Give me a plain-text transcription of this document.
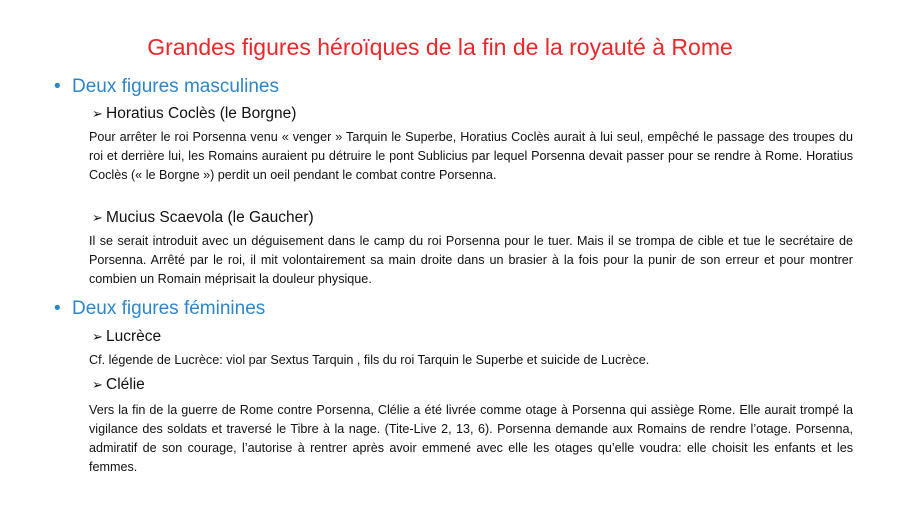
Grandes figures héroïques de la fin de la royauté à Rome
• Deux figures masculines
➢ Horatius Coclès (le Borgne)
Pour arrêter le roi Porsenna venu « venger » Tarquin le Superbe, Horatius Coclès aurait à lui seul, empêché le passage des troupes du roi et derrière lui, les Romains auraient pu détruire le pont Sublicius par lequel Porsenna devait passer pour se rendre à Rome. Horatius Coclès (« le Borgne ») perdit un oeil pendant le combat contre Porsenna.
➢ Mucius Scaevola (le Gaucher)
Il se serait introduit avec un déguisement dans le camp du roi Porsenna pour le tuer. Mais il se trompa de cible et tue le secrétaire de Porsenna. Arrêté par le roi, il mit volontairement sa main droite dans un brasier à la fois pour la punir de son erreur et pour montrer combien un Romain méprisait la douleur physique.
• Deux figures féminines
➢ Lucrèce
Cf. légende de Lucrèce: viol par Sextus Tarquin , fils du roi Tarquin le Superbe et suicide de Lucrèce.
➢ Clélie
Vers la fin de la guerre de Rome contre Porsenna, Clélie a été livrée comme otage à Porsenna qui assiège Rome. Elle aurait trompé la vigilance des soldats et traversé le Tibre à la nage. (Tite-Live 2, 13, 6). Porsenna demande aux Romains de rendre l’otage. Porsenna, admiratif de son courage, l’autorise à rentrer après avoir emmené avec elle les otages qu’elle voudra: elle choisit les enfants et les femmes.
